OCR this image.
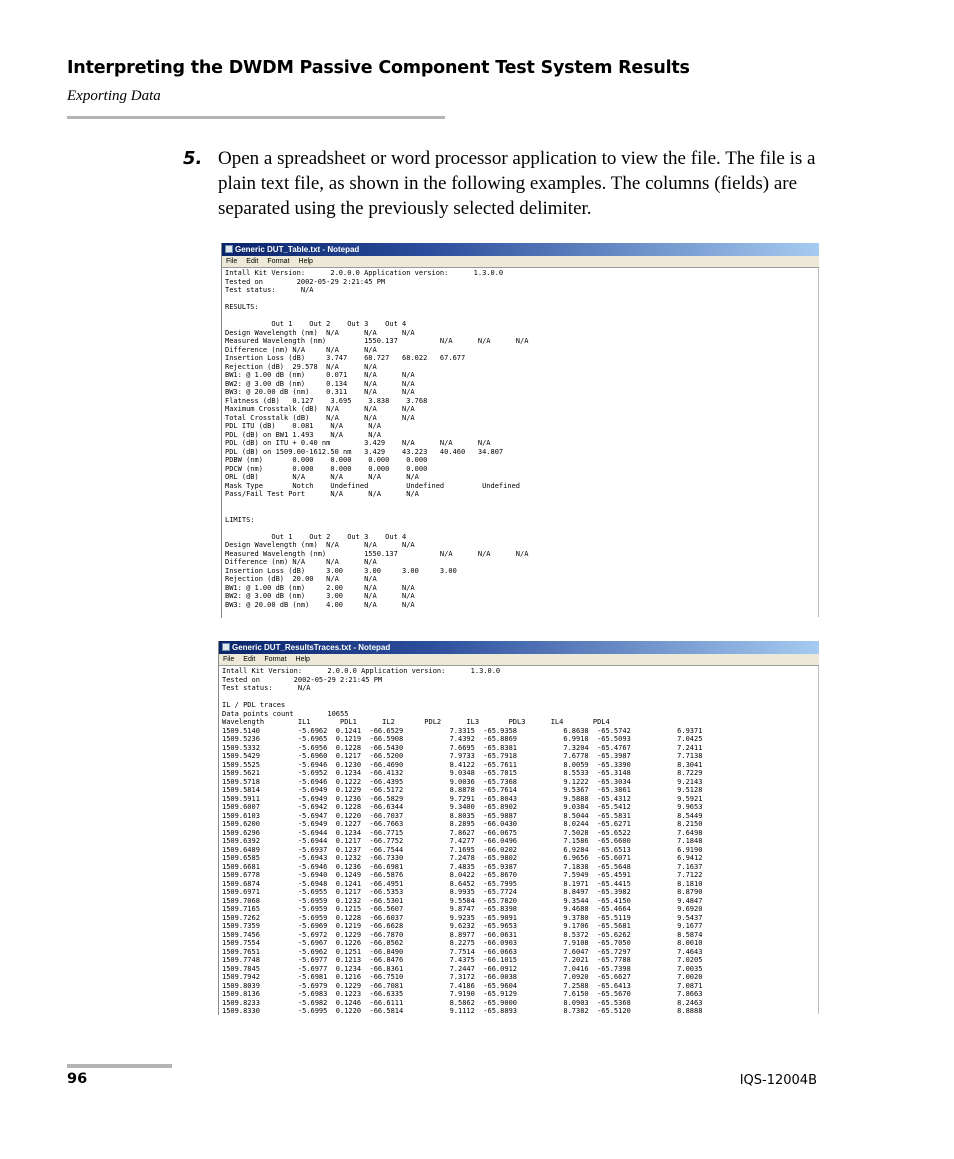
Interpreting the DWDM Passive Component Test System Results
Exporting Data
5. Open a spreadsheet or word processor application to view the file. The file is a plain text file, as shown in the following examples. The columns (fields) are separated using the previously selected delimiter.
Generic DUT_Table.txt - Notepad
File Edit Format Help
Intall Kit Version:      2.0.0.0 Application version:      1.3.0.0
Tested on        2002-05-29 2:21:45 PM
Test status:      N/A

RESULTS:

Out 1    Out 2    Out 3    Out 4
Design Wavelength (nm)  N/A      N/A      N/A
Measured Wavelength (nm)         1550.137          N/A      N/A      N/A
Difference (nm) N/A     N/A      N/A
Insertion Loss (dB)     3.747    68.727   68.022   67.677
Rejection (dB)  29.578  N/A      N/A
BW1: @ 1.00 dB (nm)     0.071    N/A      N/A
BW2: @ 3.00 dB (nm)     0.134    N/A      N/A
BW3: @ 20.00 dB (nm)    0.311    N/A      N/A
Flatness (dB)   0.127    3.695    3.838    3.768
Maximum Crosstalk (dB)  N/A      N/A      N/A
Total Crosstalk (dB)    N/A      N/A      N/A
PDL ITU (dB)    0.081    N/A      N/A
PDL (dB) on BW1 1.493    N/A      N/A
PDL (dB) on ITU + 0.40 nm        3.429    N/A      N/A      N/A
PDL (dB) on 1509.00-1612.50 nm   3.429    43.223   40.460   34.807
PDBW (nm)       0.000    0.000    0.000    0.000
PDCW (nm)       0.000    0.000    0.000    0.000
ORL (dB)        N/A      N/A      N/A      N/A
Mask Type       Notch    Undefined         Undefined         Undefined
Pass/Fail Test Port      N/A      N/A      N/A

LIMITS:

Out 1    Out 2    Out 3    Out 4
Design Wavelength (nm)  N/A      N/A      N/A
Measured Wavelength (nm)         1550.137          N/A      N/A      N/A
Difference (nm) N/A     N/A      N/A
Insertion Loss (dB)     3.00     3.00     3.00     3.00
Rejection (dB)  20.00   N/A      N/A
BW1: @ 1.00 dB (nm)     2.00     N/A      N/A
BW2: @ 3.00 dB (nm)     3.00     N/A      N/A
BW3: @ 20.00 dB (nm)    4.00     N/A      N/A
Generic DUT_ResultsTraces.txt - Notepad
File Edit Format Help
Intall Kit Version:      2.0.0.0 Application version:      1.3.0.0
Tested on        2002-05-29 2:21:45 PM
Test status:      N/A

IL / PDL traces
Data points count        10655
Wavelength        IL1       PDL1      IL2       PDL2      IL3       PDL3      IL4       PDL4
1509.5140         -5.6962  0.1241  -66.6529           7.3315  -65.9358           6.8638  -65.5742           6.9371
1509.5236         -5.6965  0.1219  -66.5908           7.4392  -65.8869           6.9918  -65.5093           7.0425
1509.5332         -5.6956  0.1228  -66.5430           7.6695  -65.8381           7.3204  -65.4767           7.2411
1509.5429         -5.6960  0.1217  -66.5200           7.9733  -65.7918           7.6778  -65.3987           7.7138
1509.5525         -5.6946  0.1230  -66.4690           8.4122  -65.7611           8.0059  -65.3390           8.3041
1509.5621         -5.6952  0.1234  -66.4132           9.0348  -65.7015           8.5533  -65.3148           8.7229
1509.5718         -5.6946  0.1222  -66.4395           9.0036  -65.7368           9.1222  -65.3034           9.2143
1509.5814         -5.6949  0.1229  -66.5172           8.8878  -65.7614           9.5367  -65.3861           9.5128
1509.5911         -5.6949  0.1236  -66.5829           9.7291  -65.8043           9.5888  -65.4312           9.5921
1509.6007         -5.6942  0.1228  -66.6344           9.3400  -65.8902           9.0384  -65.5412           9.9653
1509.6103         -5.6947  0.1220  -66.7037           8.8035  -65.9887           8.5044  -65.5831           8.5449
1509.6200         -5.6949  0.1227  -66.7663           8.2895  -66.0430           8.0244  -65.6271           8.2150
1509.6296         -5.6944  0.1234  -66.7715           7.8627  -66.0675           7.5028  -65.6522           7.6498
1509.6392         -5.6944  0.1217  -66.7752           7.4277  -66.0496           7.1586  -65.6600           7.1848
1509.6489         -5.6937  0.1237  -66.7544           7.1695  -66.0202           6.9284  -65.6513           6.9190
1509.6585         -5.6943  0.1232  -66.7330           7.2478  -65.9802           6.9656  -65.6071           6.9412
1509.6681         -5.6946  0.1236  -66.6981           7.4835  -65.9387           7.1838  -65.5648           7.1637
1509.6778         -5.6940  0.1249  -66.5876           8.0422  -65.8670           7.5949  -65.4591           7.7122
1509.6874         -5.6948  0.1241  -66.4951           8.6452  -65.7995           8.1971  -65.4415           8.1810
1509.6971         -5.6955  0.1217  -66.5353           8.9935  -65.7724           8.8497  -65.3982           8.8790
1509.7068         -5.6959  0.1232  -66.5301           9.5504  -65.7820           9.3544  -65.4150           9.4847
1509.7165         -5.6959  0.1215  -66.5607           9.8747  -65.8398           9.4688  -65.4664           9.6920
1509.7262         -5.6959  0.1228  -66.6037           9.9235  -65.9091           9.3780  -65.5119           9.5437
1509.7359         -5.6969  0.1219  -66.6628           9.6232  -65.9653           9.1706  -65.5681           9.1677
1509.7456         -5.6972  0.1229  -66.7870           8.8977  -66.0631           8.5372  -65.6262           8.5874
1509.7554         -5.6967  0.1226  -66.8562           8.2275  -66.0903           7.9108  -65.7050           8.0010
1509.7651         -5.6962  0.1251  -66.8490           7.7514  -66.0663           7.6047  -65.7297           7.4643
1509.7748         -5.6977  0.1213  -66.8476           7.4375  -66.1015           7.2021  -65.7788           7.0205
1509.7845         -5.6977  0.1234  -66.8361           7.2447  -66.0912           7.0416  -65.7398           7.0035
1509.7942         -5.6981  0.1216  -66.7510           7.3172  -66.0038           7.0920  -65.6627           7.0020
1509.8039         -5.6979  0.1229  -66.7081           7.4186  -65.9604           7.2588  -65.6413           7.0871
1509.8136         -5.6983  0.1223  -66.6335           7.9190  -65.9129           7.6150  -65.5670           7.8663
1509.8233         -5.6982  0.1246  -66.6111           8.5862  -65.9000           8.0903  -65.5368           8.2463
1509.8330         -5.6995  0.1220  -66.5814           9.1112  -65.8893           8.7382  -65.5120           8.8888
96	IQS-12004B
